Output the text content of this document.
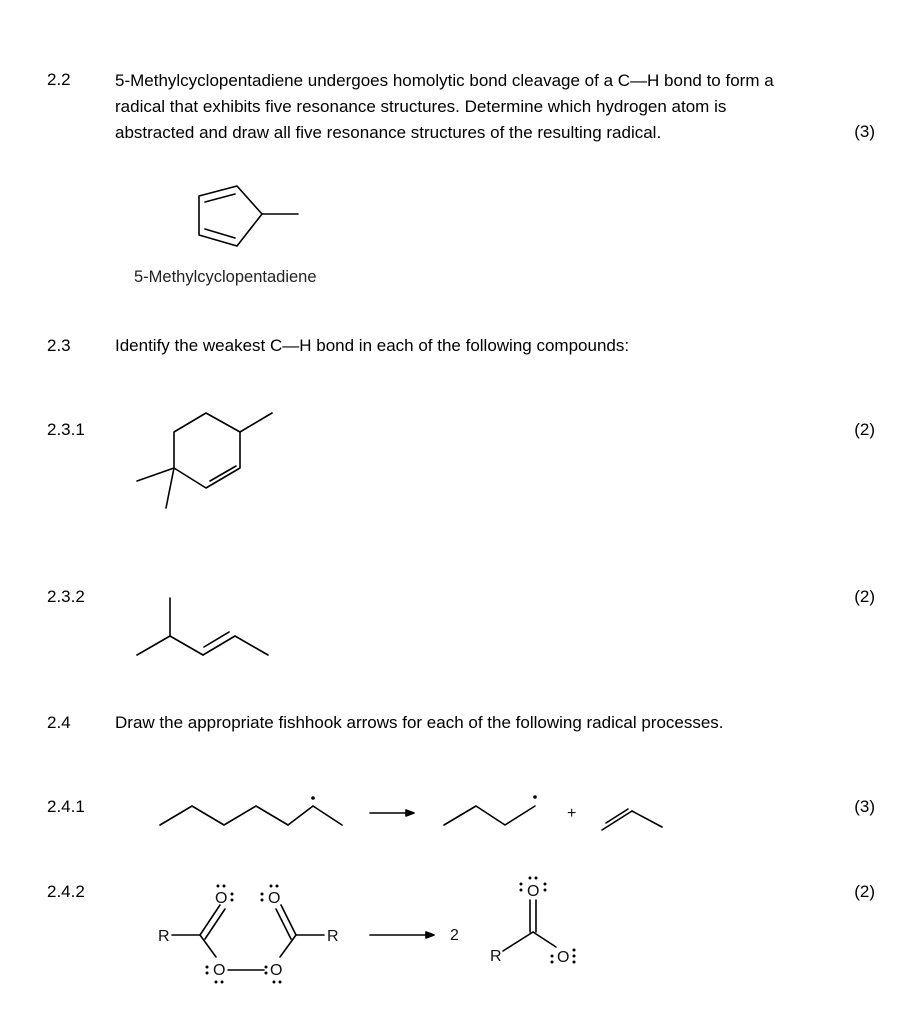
2.2	5-Methylcyclopentadiene undergoes homolytic bond cleavage of a C—H bond to form a
radical that exhibits five resonance structures. Determine which hydrogen atom is
abstracted and draw all five resonance structures of the resulting radical.	(3)
5-Methylcyclopentadiene
2.3	Identify the weakest C—H bond in each of the following compounds:
2.3.1	(2)
2.3.2	(2)
2.4	Draw the appropriate fishhook arrows for each of the following radical processes.
2.4.1	(3)
+
2.4.2	(2)
R
O
O	O
O
R	2
R
O
O
